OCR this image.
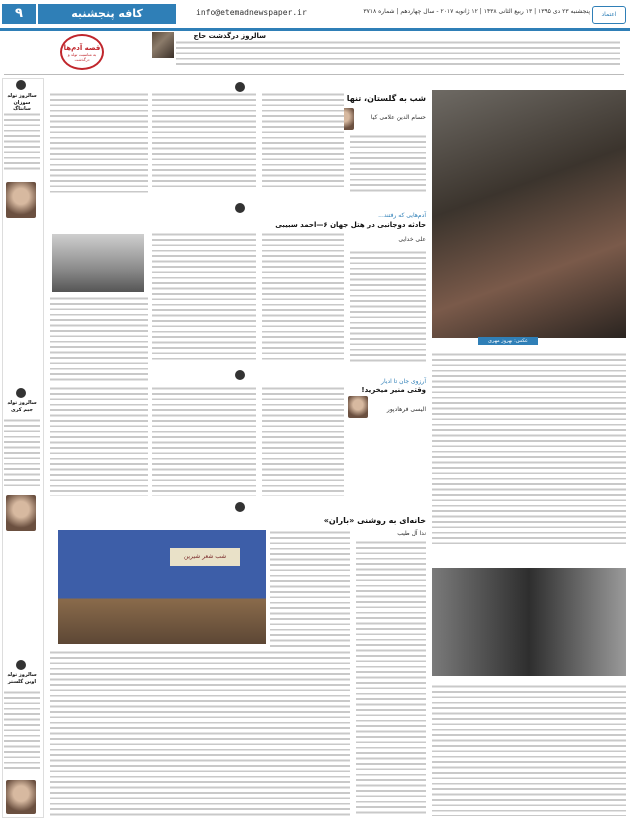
۹	کافه پنجشنبه	info@etemadnewspaper.ir	پنجشنبه ۲۳ دی ۱۳۹۵ | ۱۳ ربیع الثانی ۱۴۳۸ | ۱۲ ژانویه ۲۰۱۷ - سال چهاردهم | شماره ۳۷۱۸	اعتماد
قصه آدم‌ها
به مناسبت تولد و درگذشت
سالروز درگذشت حاج
سالروز تولد
سوزان سانتاگ
سالروز تولد
جیم کری
سالروز تولد
اوین گلستر
شب به گلستان، تنها
حسام الدین علامی کیا
عکس: بهروز مهری
آدم‌هایی که رفتند...
حادثه دوجانبی در هتل جهان ۶—احمد سبیبی
علی خدایی
آرزوی جان تا ادیار
وقتی منیر میخرید!
الیسی فرهادپور
خانه‌ای به روشنی «باران»
ندا آل طیب
شب شعر شیرین
